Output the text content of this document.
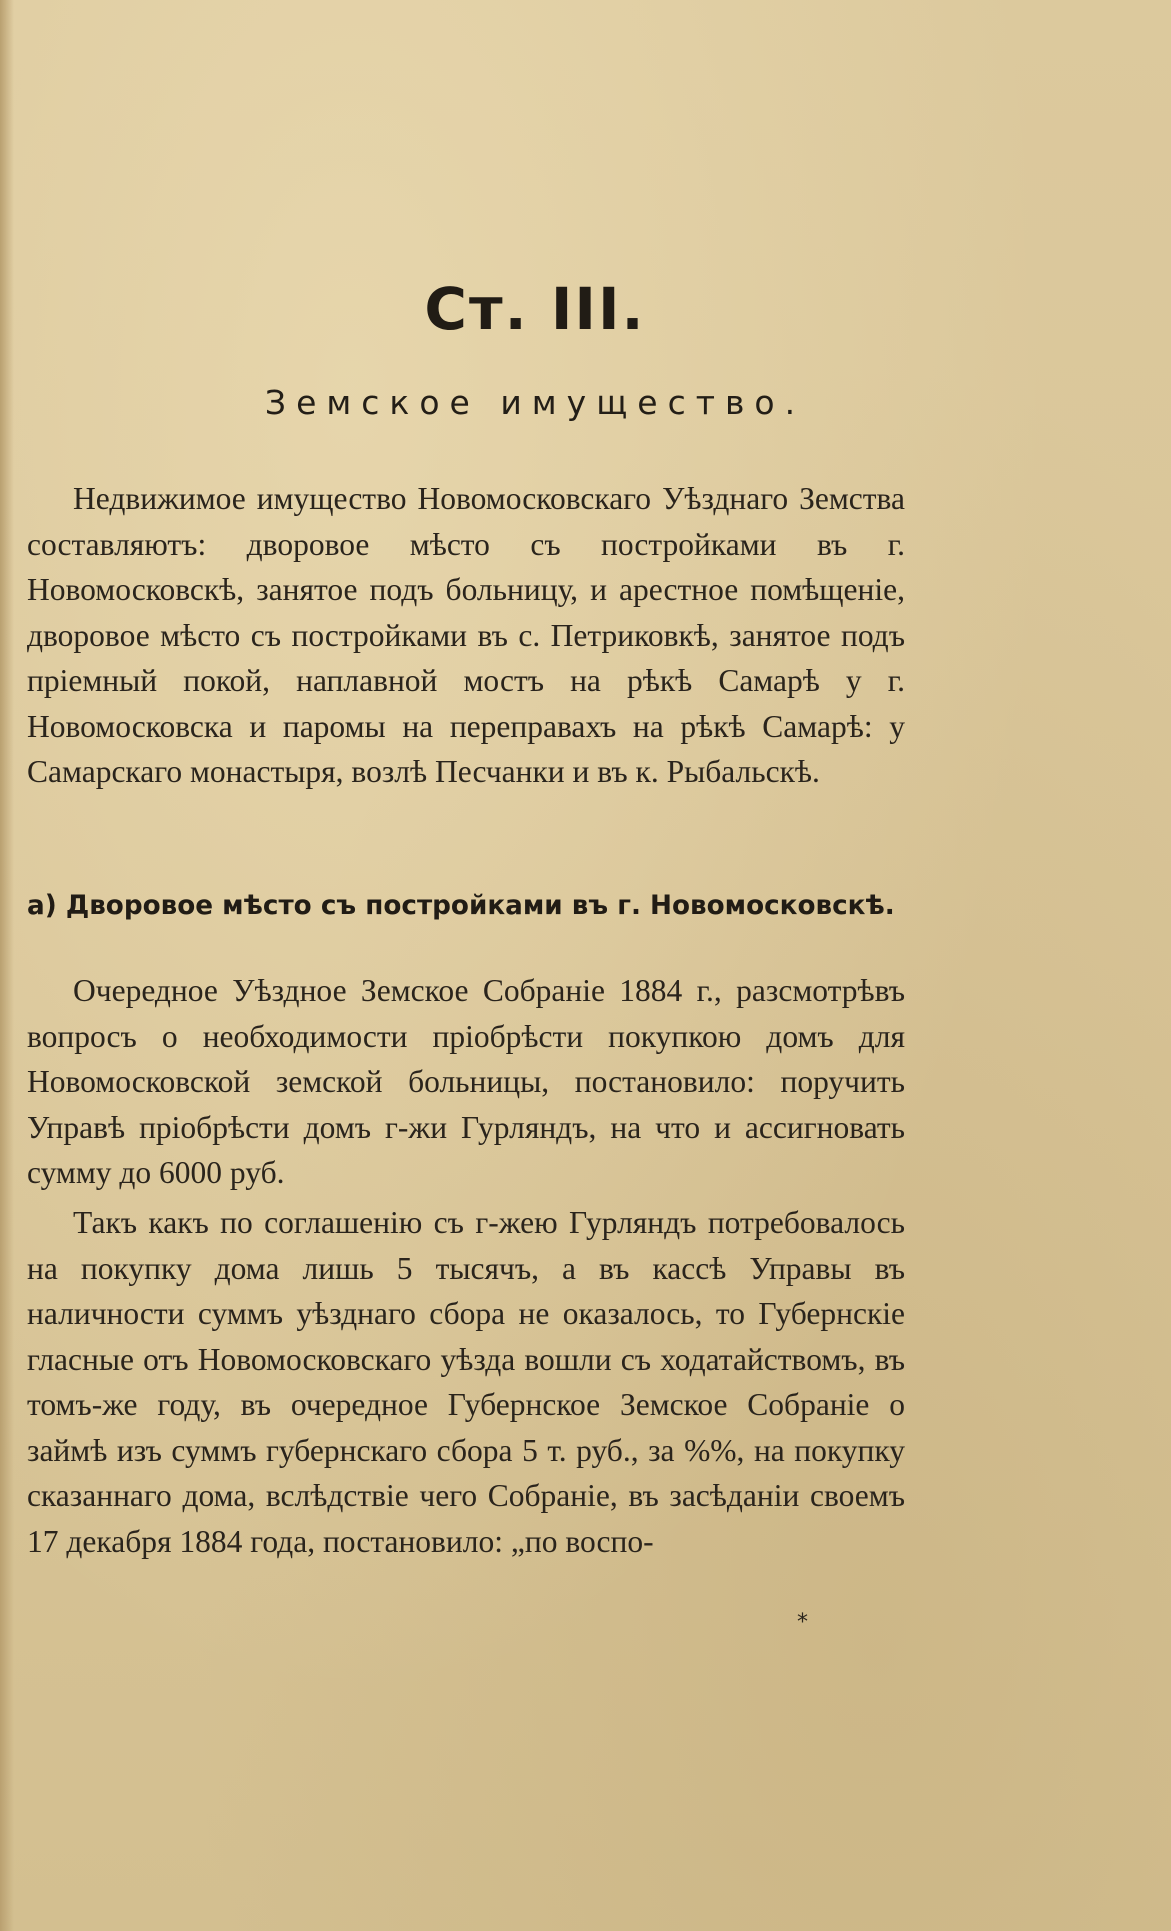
Ст. III.
Земское имущество.

Недвижимое имущество Новомосковскаго Уѣзднаго Земства составляютъ: дворовое мѣсто съ постройками въ г. Новомосковскѣ, занятое подъ больницу, и арестное помѣщеніе, дворовое мѣсто съ постройками въ с. Петриковкѣ, занятое подъ пріемный покой, наплавной мостъ на рѣкѣ Самарѣ у г. Новомосковска и паромы на переправахъ на рѣкѣ Самарѣ: у Самарскаго монастыря, возлѣ Песчанки и въ к. Рыбальскѣ.

а) Дворовое мѣсто съ постройками въ г. Новомосковскѣ.

Очередное Уѣздное Земское Собраніе 1884 г., разсмотрѣвъ вопросъ о необходимости пріобрѣсти покупкою домъ для Новомосковской земской больницы, постановило: поручить Управѣ пріобрѣсти домъ г-жи Гурляндъ, на что и ассигновать сумму до 6000 руб.

Такъ какъ по соглашенію съ г-жею Гурляндъ потребовалось на покупку дома лишь 5 тысячъ, а въ кассѣ Управы въ наличности суммъ уѣзднаго сбора не оказалось, то Губернскіе гласные отъ Новомосковскаго уѣзда вошли съ ходатайствомъ, въ томъ-же году, въ очередное Губернское Земское Собраніе о займѣ изъ суммъ губернскаго сбора 5 т. руб., за %%, на покупку сказаннаго дома, вслѣдствіе чего Собраніе, въ засѣданіи своемъ 17 декабря 1884 года, постановило: „по воспо-

*
